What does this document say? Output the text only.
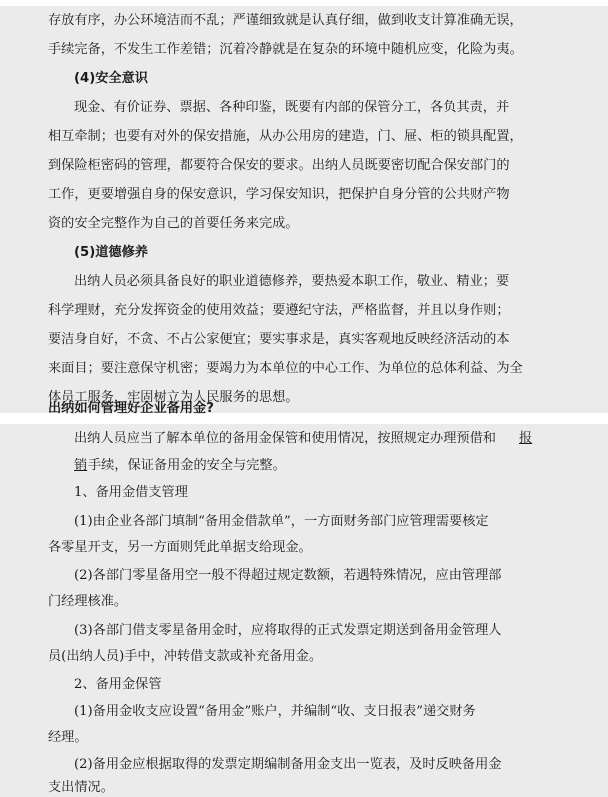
存放有序，办公环境洁而不乱；严谨细致就是认真仔细，做到收支计算准确无误，
手续完备，不发生工作差错；沉着冷静就是在复杂的环境中随机应变，化险为夷。
(4)安全意识
现金、有价证券、票据、各种印鉴，既要有内部的保管分工，各负其责，并
相互牵制；也要有对外的保安措施，从办公用房的建造，门、屉、柜的锁具配置，
到保险柜密码的管理，都要符合保安的要求。出纳人员既要密切配合保安部门的
工作，更要增强自身的保安意识，学习保安知识，把保护自身分管的公共财产物
资的安全完整作为自己的首要任务来完成。
(5)道德修养
出纳人员必须具备良好的职业道德修养，要热爱本职工作，敬业、精业；要
科学理财，充分发挥资金的使用效益；要遵纪守法，严格监督，并且以身作则；
要洁身自好，不贪、不占公家便宜；要实事求是，真实客观地反映经济活动的本
来面目；要注意保守机密；要竭力为本单位的中心工作、为单位的总体利益、为全
体员工服务，牢固树立为人民服务的思想。
出纳如何管理好企业备用金?
出纳人员应当了解本单位的备用金保管和使用情况，按照规定办理预借和 报
销 手续，保证备用金的安全与完整。
1、备用金借支管理
(1)由企业各部门填制“备用金借款单”，一方面财务部门应管理需要核定
各零星开支，另一方面则凭此单据支给现金。
(2)各部门零星备用空一般不得超过规定数额，若遇特殊情况，应由管理部
门经理核准。
(3)各部门借支零星备用金时，应将取得的正式发票定期送到备用金管理人
员(出纳人员)手中，冲转借支款或补充备用金。
2、备用金保管
(1)备用金收支应设置“备用金”账户，并编制“收、支日报表”递交财务
经理。
(2)备用金应根据取得的发票定期编制备用金支出一览表，及时反映备用金
支出情况。
